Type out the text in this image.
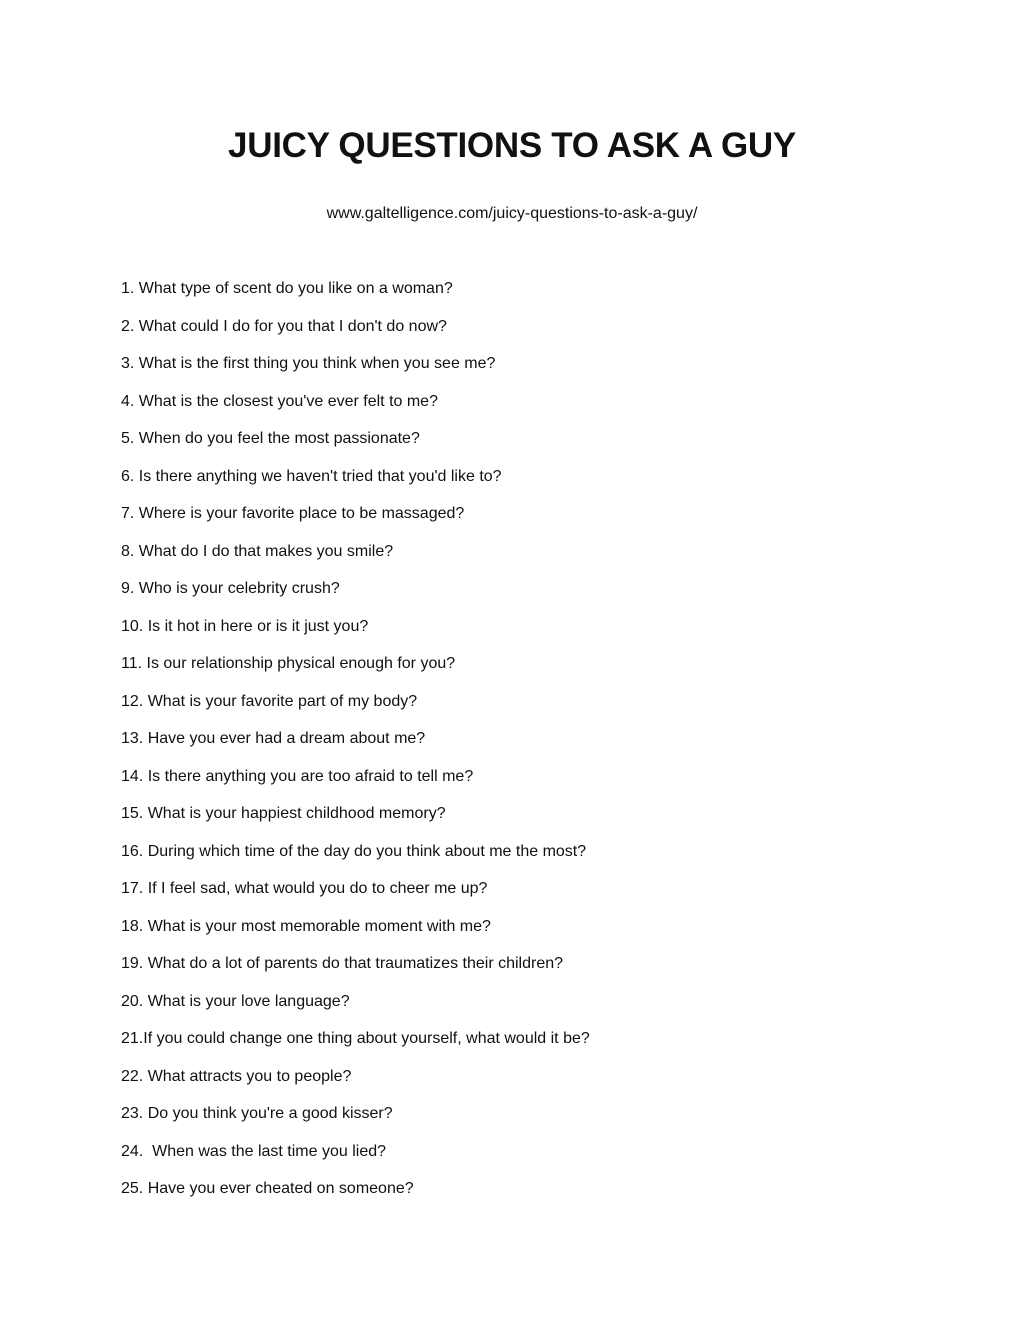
JUICY QUESTIONS TO ASK A GUY
www.galtelligence.com/juicy-questions-to-ask-a-guy/
1. What type of scent do you like on a woman?
2. What could I do for you that I don't do now?
3. What is the first thing you think when you see me?
4. What is the closest you've ever felt to me?
5. When do you feel the most passionate?
6. Is there anything we haven't tried that you'd like to?
7. Where is your favorite place to be massaged?
8. What do I do that makes you smile?
9. Who is your celebrity crush?
10. Is it hot in here or is it just you?
11. Is our relationship physical enough for you?
12. What is your favorite part of my body?
13. Have you ever had a dream about me?
14. Is there anything you are too afraid to tell me?
15. What is your happiest childhood memory?
16. During which time of the day do you think about me the most?
17. If I feel sad, what would you do to cheer me up?
18. What is your most memorable moment with me?
19. What do a lot of parents do that traumatizes their children?
20. What is your love language?
21.If you could change one thing about yourself, what would it be?
22. What attracts you to people?
23. Do you think you're a good kisser?
24.  When was the last time you lied?
25. Have you ever cheated on someone?
